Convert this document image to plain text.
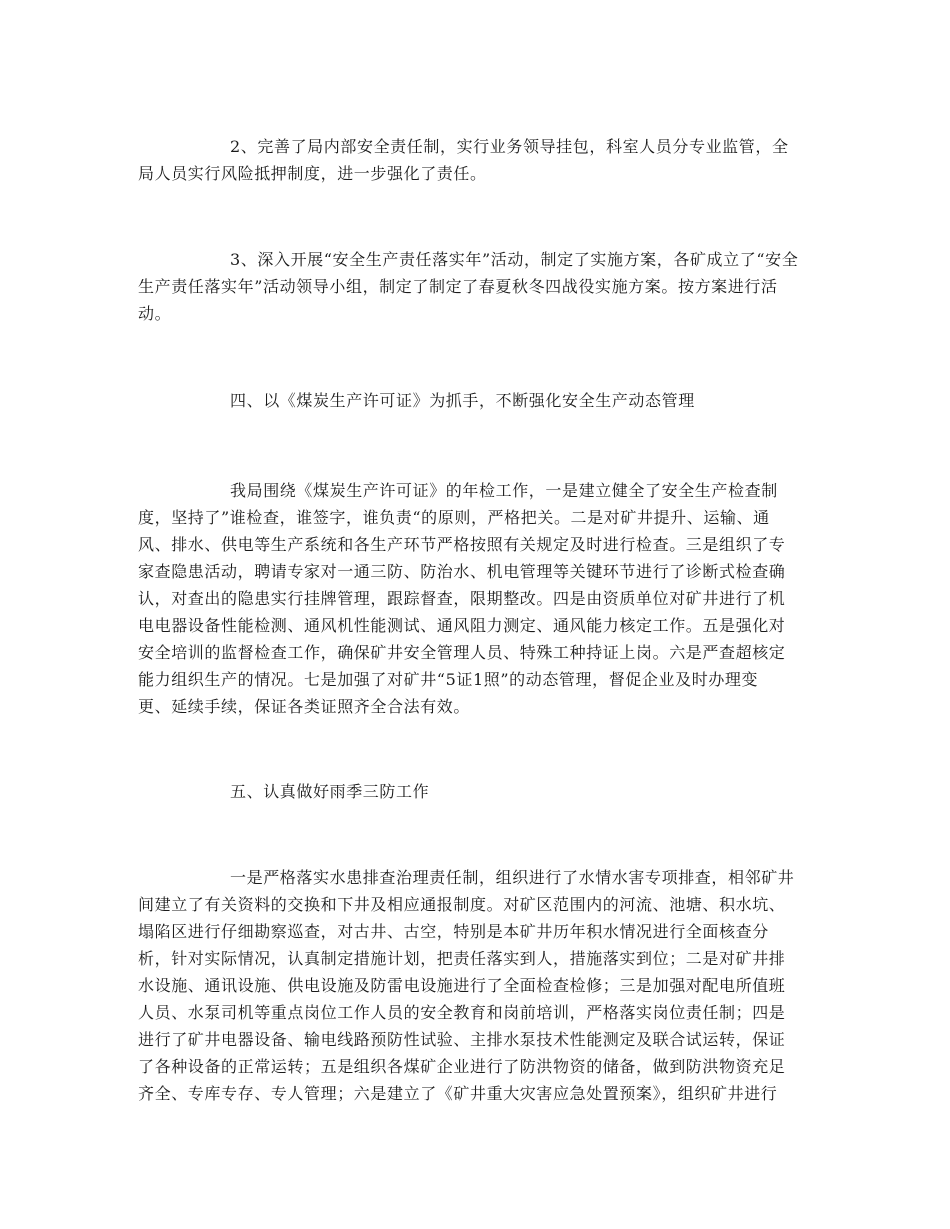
2、完善了局内部安全责任制，实行业务领导挂包，科室人员分专业监管，全
局人员实行风险抵押制度，进一步强化了责任。
3、深入开展“安全生产责任落实年”活动，制定了实施方案，各矿成立了“安全
生产责任落实年”活动领导小组，制定了制定了春夏秋冬四战役实施方案。按方案进行活
动。
四、以《煤炭生产许可证》为抓手，不断强化安全生产动态管理
我局围绕《煤炭生产许可证》的年检工作，一是建立健全了安全生产检查制
度，坚持了”谁检查，谁签字，谁负责“的原则，严格把关。二是对矿井提升、运输、通
风、排水、供电等生产系统和各生产环节严格按照有关规定及时进行检查。三是组织了专
家查隐患活动，聘请专家对一通三防、防治水、机电管理等关键环节进行了诊断式检查确
认，对查出的隐患实行挂牌管理，跟踪督查，限期整改。四是由资质单位对矿井进行了机
电电器设备性能检测、通风机性能测试、通风阻力测定、通风能力核定工作。五是强化对
安全培训的监督检查工作，确保矿井安全管理人员、特殊工种持证上岗。六是严查超核定
能力组织生产的情况。七是加强了对矿井“5证1照”的动态管理，督促企业及时办理变
更、延续手续，保证各类证照齐全合法有效。
五、认真做好雨季三防工作
一是严格落实水患排查治理责任制，组织进行了水情水害专项排查，相邻矿井
间建立了有关资料的交换和下井及相应通报制度。对矿区范围内的河流、池塘、积水坑、
塌陷区进行仔细勘察巡查，对古井、古空，特别是本矿井历年积水情况进行全面核查分
析，针对实际情况，认真制定措施计划，把责任落实到人，措施落实到位；二是对矿井排
水设施、通讯设施、供电设施及防雷电设施进行了全面检查检修；三是加强对配电所值班
人员、水泵司机等重点岗位工作人员的安全教育和岗前培训，严格落实岗位责任制；四是
进行了矿井电器设备、输电线路预防性试验、主排水泵技术性能测定及联合试运转，保证
了各种设备的正常运转；五是组织各煤矿企业进行了防洪物资的储备，做到防洪物资充足
齐全、专库专存、专人管理；六是建立了《矿井重大灾害应急处置预案》，组织矿井进行
